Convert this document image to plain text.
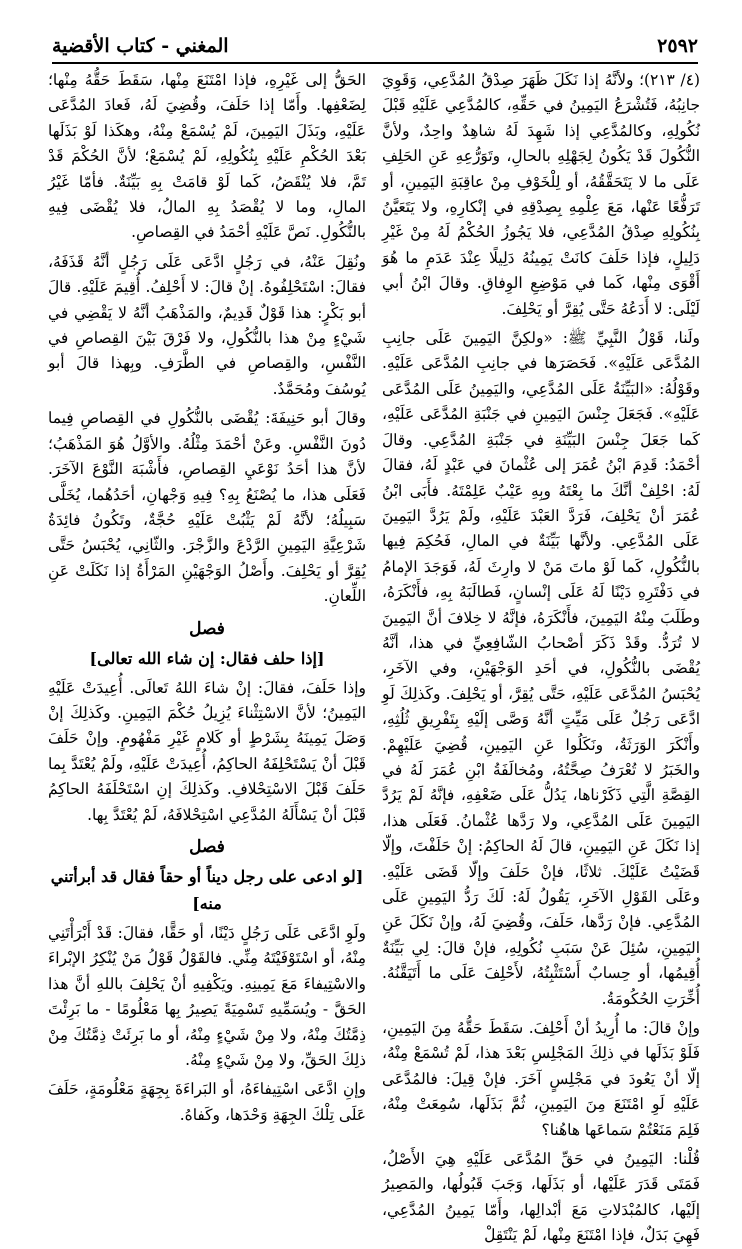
٢٥٩٢
المغني - كتاب الأقضية

(٤/ ٢١٣)؛ ولأنَّهُ إذا نَكَلَ ظَهَرَ صِدْقُ المُدَّعِي، وَقَوِيَ جانِبُهُ، فَتُشْرَعُ اليَمِينُ في حَقِّهِ، كالمُدَّعِي عَلَيْهِ قَبْلَ نُكُولِهِ، وكالمُدَّعِي إذا شَهِدَ لَهُ شاهِدٌ واحِدٌ، ولأنَّ النُّكُولَ قَدْ يَكُونُ لِجَهْلِهِ بالحالِ، وتَوَرُّعِهِ عَنِ الحَلِفِ عَلَى ما لا يَتَحَقَّقُهُ، أو لِلْخَوْفِ مِنْ عاقِبَةِ اليَمِينِ، أو تَرَفُّعًا عَنْها، مَعَ عِلْمِهِ بِصِدْقِهِ في إنْكارِهِ، ولا يَتَعَيَّنُ بِنُكُولِهِ صِدْقُ المُدَّعِي، فلا يَجُوزُ الحُكْمُ لَهُ مِنْ غَيْرِ دَلِيلٍ، فإذا حَلَفَ كانَتْ يَمِينُهُ دَلِيلًا عِنْدَ عَدَمِ ما هُوَ أَقْوَى مِنْها، كَما في مَوْضِعِ الوِفاقِ. وقالَ ابْنُ أبي لَيْلَى: لا أَدَعُهُ حَتَّى يُقِرَّ أو يَحْلِفَ.

ولَنا، قَوْلُ النَّبِيِّ ﷺ: «ولكِنَّ اليَمِينَ عَلَى جانِبِ المُدَّعَى عَلَيْهِ». فَحَصَرَها في جانِبِ المُدَّعَى عَلَيْهِ. وقَوْلُهُ: «البَيِّنَةُ عَلَى المُدَّعِي، واليَمِينُ عَلَى المُدَّعَى عَلَيْهِ». فَجَعَلَ جِنْسَ اليَمِينِ في جَنْبَةِ المُدَّعَى عَلَيْهِ، كَما جَعَلَ جِنْسَ البَيِّنَةِ في جَنْبَةِ المُدَّعِي. وقالَ أحْمَدُ: قَدِمَ ابْنُ عُمَرَ إلى عُثْمانَ في عَبْدٍ لَهُ، فقالَ لَهُ: احْلِفْ أنَّكَ ما بِعْتَهُ وبِهِ عَيْبٌ عَلِمْتَهُ. فأَبَى ابْنُ عُمَرَ أنْ يَحْلِفَ، فَرَدَّ العَبْدَ عَلَيْهِ، ولَمْ يَرُدَّ اليَمِينَ عَلَى المُدَّعِي. ولأنَّها بَيِّنَةٌ في المالِ، فَحُكِمَ فِيها بالنُّكُولِ، كَما لَوْ ماتَ مَنْ لا وارِثَ لَهُ، فَوَجَدَ الإمامُ في دَفْتَرِهِ دَيْنًا لَهُ عَلَى إنْسانٍ، فَطالَبَهُ بِهِ، فأَنْكَرَهُ، وطَلَبَ مِنْهُ اليَمِينَ، فأَنْكَرَهُ، فإنَّهُ لا خِلافَ أنَّ اليَمِينَ لا تُرَدُّ. وقَدْ ذَكَرَ أصْحابُ الشّافِعِيِّ في هذا، أنَّهُ يُقْضَى بالنُّكُولِ، في أحَدِ الوَجْهَيْنِ، وفي الآخَرِ، يُحْبَسُ المُدَّعَى عَلَيْهِ، حَتَّى يُقِرَّ، أو يَحْلِفَ. وكَذلِكَ لَوِ ادَّعَى رَجُلٌ عَلَى مَيِّتٍ أنَّهُ وَصَّى إلَيْهِ بِتَفْرِيقِ ثُلُثِهِ، وأَنْكَرَ الوَرَثَةُ، ونَكَلُوا عَنِ اليَمِينِ، قُضِيَ عَلَيْهِمْ. والخَبَرُ لا تُعْرَفُ صِحَّتُهُ، ومُخالَفَةُ ابْنِ عُمَرَ لَهُ في القِصَّةِ الَّتِي ذَكَرْناها، يَدُلُّ عَلَى ضَعْفِهِ، فإنَّهُ لَمْ يَرُدَّ اليَمِينَ عَلَى المُدَّعِي، ولا رَدَّها عُثْمانُ. فَعَلَى هذا، إذا نَكَلَ عَنِ اليَمِينِ، قالَ لَهُ الحاكِمُ: إنْ حَلَفْتَ، وإلّا قَضَيْتُ عَلَيْكَ. ثلاثًا، فإنْ حَلَفَ وإلّا قَضَى عَلَيْهِ. وعَلَى القَوْلِ الآخَرِ، يَقُولُ لَهُ: لَكَ رَدُّ اليَمِينِ عَلَى المُدَّعِي. فإنْ رَدَّها، حَلَفَ، وقُضِيَ لَهُ، وإنْ نَكَلَ عَنِ اليَمِينِ، سُئِلَ عَنْ سَبَبِ نُكُولِهِ، فإنْ قالَ: لِي بَيِّنَةٌ أُقِيمُها، أو حِسابٌ أَسْتَثْبِتُهُ، لأَحْلِفَ عَلَى ما أَتَيَقَّنُهُ. أُخِّرَتِ الحُكُومَةُ.

وإنْ قالَ: ما أُرِيدُ أنْ أَحْلِفَ. سَقَطَ حَقُّهُ مِنَ اليَمِينِ، فَلَوْ بَذَلَها في ذلِكَ المَجْلِسِ بَعْدَ هذا، لَمْ تُسْمَعْ مِنْهُ، إلّا أنْ يَعُودَ في مَجْلِسٍ آخَرَ. فإنْ قِيلَ: فالمُدَّعَى عَلَيْهِ لَوِ امْتَنَعَ مِنَ اليَمِينِ، ثُمَّ بَذَلَها، سُمِعَتْ مِنْهُ، فَلِمَ مَنَعْتُمْ سَماعَها هاهُنا؟

قُلْنا: اليَمِينُ في حَقِّ المُدَّعَى عَلَيْهِ هِيَ الأَصْلُ، فَمَتَى قَدَرَ عَلَيْها، أو بَذَلَها، وَجَبَ قَبُولُها، والمَصِيرُ إلَيْها، كالمُبْدَلاتِ مَعَ أبْدالِها، وأَمّا يَمِينُ المُدَّعِي، فَهِيَ بَدَلٌ، فإذا امْتَنَعَ مِنْها، لَمْ يَنْتَقِلْ

الحَقُّ إلى غَيْرِهِ، فإذا امْتَنَعَ مِنْها، سَقَطَ حَقُّهُ مِنْها؛ لِضَعْفِها. وأَمّا إذا حَلَفَ، وقُضِيَ لَهُ، فَعادَ المُدَّعَى عَلَيْهِ، وبَذَلَ اليَمِينَ، لَمْ يُسْمَعْ مِنْهُ، وهكَذا لَوْ بَذَلَها بَعْدَ الحُكْمِ عَلَيْهِ بِنُكُولِهِ، لَمْ يُسْمَعْ؛ لأنَّ الحُكْمَ قَدْ تَمَّ، فلا يُنْقَضُ، كَما لَوْ قامَتْ بِهِ بَيِّنَةٌ. فأمّا غَيْرُ المالِ، وما لا يُقْصَدُ بِهِ المالُ، فلا يُقْضَى فِيهِ بالنُّكُولِ. نَصَّ عَلَيْهِ أحْمَدُ في القِصاصِ.

ونُقِلَ عَنْهُ، في رَجُلٍ ادَّعَى عَلَى رَجُلٍ أنَّهُ قَذَفَهُ، فقالَ: اسْتَحْلِفُوهُ. إنْ قالَ: لا أَحْلِفُ. أُقِيمَ عَلَيْهِ. قالَ أبو بَكْرٍ: هذا قَوْلٌ قَدِيمٌ، والمَذْهَبُ أنَّهُ لا يَقْضِي في شَيْءٍ مِنْ هذا بالنُّكُولِ، ولا فَرْقَ بَيْنَ القِصاصِ في النَّفْسِ، والقِصاصِ في الطَّرَفِ. وبِهذا قالَ أبو يُوسُفَ ومُحَمَّدٌ.

وقالَ أبو حَنِيفَةَ: يُقْضَى بالنُّكُولِ في القِصاصِ فِيما دُونَ النَّفْسِ. وعَنْ أحْمَدَ مِثْلُهُ. والأوَّلُ هُوَ المَذْهَبُ؛ لأنَّ هذا أحَدُ نَوْعَيِ القِصاصِ، فأَشْبَهَ النَّوْعَ الآخَرَ. فَعَلَى هذا، ما يُصْنَعُ بِهِ؟ فِيهِ وَجْهانِ، أحَدُهُما، يُخَلَّى سَبِيلُهُ؛ لأنَّهُ لَمْ يَثْبُتْ عَلَيْهِ حُجَّةٌ، وتَكُونُ فائِدَةُ شَرْعِيَّةِ اليَمِينِ الرَّدْعَ والزَّجْرَ. والثّانِي، يُحْبَسُ حَتَّى يُقِرَّ أو يَحْلِفَ. وأَصْلُ الوَجْهَيْنِ المَرْأَةُ إذا نَكَلَتْ عَنِ اللِّعانِ.

فصل
[إذا حلف فقال: إن شاء الله تعالى]

وإذا حَلَفَ، فقالَ: إنْ شاءَ اللهُ تَعالَى. أُعِيدَتْ عَلَيْهِ اليَمِينُ؛ لأنَّ الاسْتِثْناءَ يُزِيلُ حُكْمَ اليَمِينِ. وكَذلِكَ إنْ وَصَلَ يَمِينَهُ بِشَرْطٍ أو كَلامٍ غَيْرِ مَفْهُومٍ. وإنْ حَلَفَ قَبْلَ أنْ يَسْتَحْلِفَهُ الحاكِمُ، أُعِيدَتْ عَلَيْهِ، ولَمْ يُعْتَدَّ بِما حَلَفَ قَبْلَ الاسْتِحْلافِ. وكَذلِكَ إنِ اسْتَحْلَفَهُ الحاكِمُ قَبْلَ أنْ يَسْأَلَهُ المُدَّعِي اسْتِحْلافَهُ، لَمْ يُعْتَدَّ بِها.

فصل
[لو ادعى على رجل ديناً أو حقاً فقال قد أبرأتني منه]

ولَوِ ادَّعَى عَلَى رَجُلٍ دَيْنًا، أو حَقًّا، فقالَ: قَدْ أَبْرَأْتَنِي مِنْهُ، أو اسْتَوْفَيْتَهُ مِنِّي. فالقَوْلُ قَوْلُ مَنْ يُنْكِرُ الإبْراءَ والاسْتِيفاءَ مَعَ يَمِينِهِ. ويَكْفِيهِ أنْ يَحْلِفَ باللهِ أنَّ هذا الحَقَّ - ويُسَمِّيهِ تَسْمِيَةً يَصِيرُ بِها مَعْلُومًا - ما بَرِئْتَ ذِمَّتُكَ مِنْهُ، ولا مِنْ شَيْءٍ مِنْهُ، أو ما بَرِئَتْ ذِمَّتُكَ مِنْ ذلِكَ الحَقِّ، ولا مِنْ شَيْءٍ مِنْهُ.

وإنِ ادَّعَى اسْتِيفاءَهُ، أو البَراءَةَ بِجِهَةٍ مَعْلُومَةٍ، حَلَفَ عَلَى تِلْكَ الجِهَةِ وَحْدَها، وكَفاهُ.
